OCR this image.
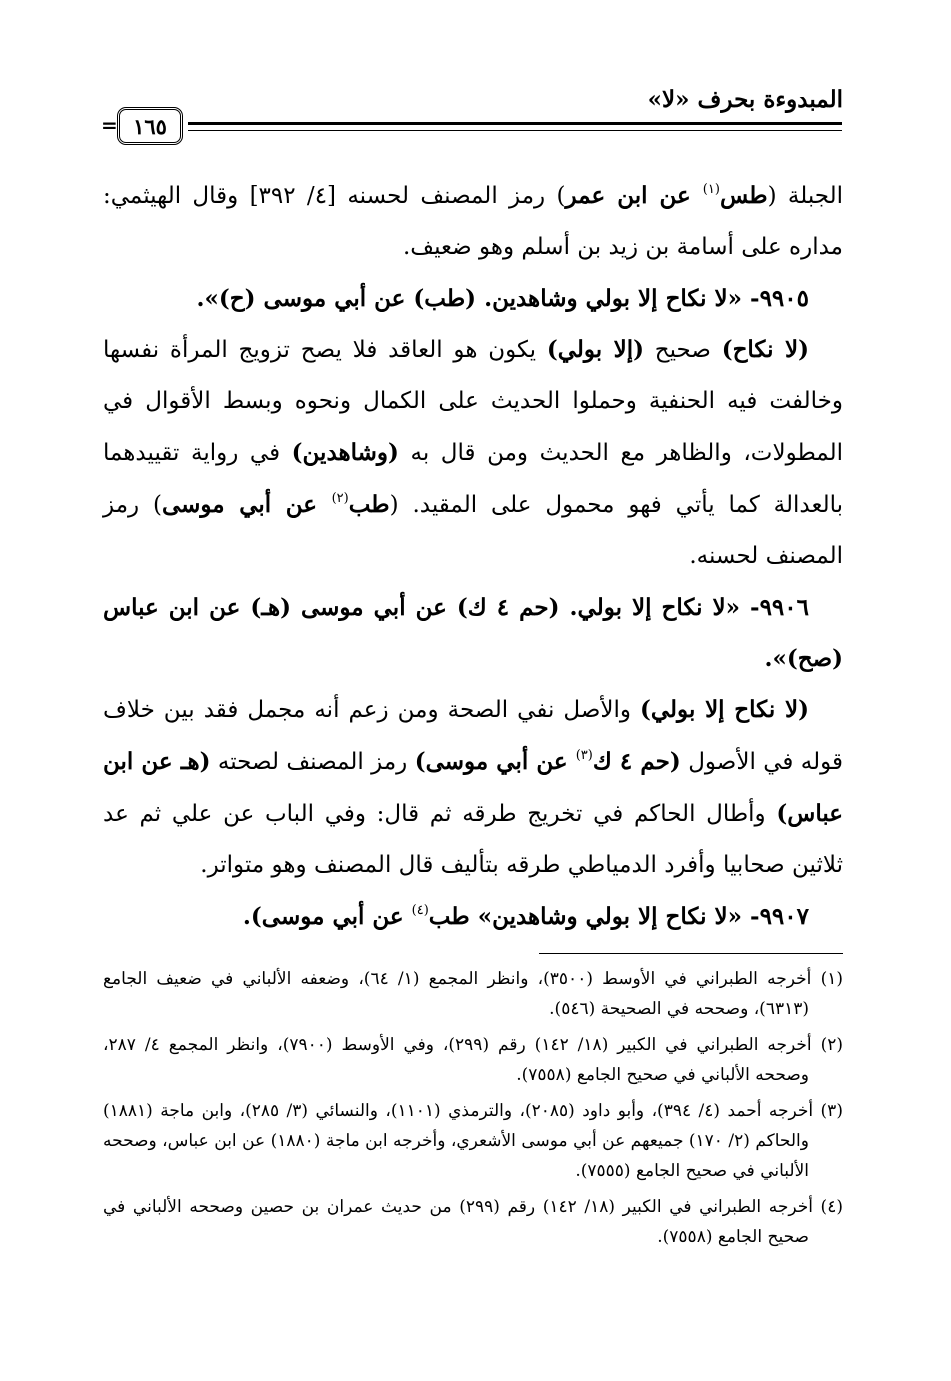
المبدوءة بحرف «لا»
١٦٥
=

الجبلة (طس$^{(١)}$ عن ابن عمر) رمز المصنف لحسنه [٤/ ٣٩٢] وقال الهيثمي: مداره على أسامة بن زيد بن أسلم وهو ضعيف.

٩٩٠٥- «لا نكاح إلا بولي وشاهدين. (طب) عن أبي موسى (ح)».

(لا نكاح) صحيح (إلا بولي) يكون هو العاقد فلا يصح تزويج المرأة نفسها وخالفت فيه الحنفية وحملوا الحديث على الكمال ونحوه وبسط الأقوال في المطولات، والظاهر مع الحديث ومن قال به (وشاهدين) في رواية تقييدهما بالعدالة كما يأتي فهو محمول على المقيد. (طب$^{(٢)}$ عن أبي موسى) رمز المصنف لحسنه.

٩٩٠٦- «لا نكاح إلا بولي. (حم ٤ ك) عن أبي موسى (هـ) عن ابن عباس (صح)».

(لا نكاح إلا بولي) والأصل نفي الصحة ومن زعم أنه مجمل فقد بين خلاف قوله في الأصول (حم ٤ ك$^{(٣)}$ عن أبي موسى) رمز المصنف لصحته (هـ عن ابن عباس) وأطال الحاكم في تخريج طرقه ثم قال: وفي الباب عن علي ثم عد ثلاثين صحابيا وأفرد الدمياطي طرقه بتأليف قال المصنف وهو متواتر.

٩٩٠٧- «لا نكاح إلا بولي وشاهدين» طب$^{(٤)}$ عن أبي موسى).

(١) أخرجه الطبراني في الأوسط (٣٥٠٠)، وانظر المجمع (١/ ٦٤)، وضعفه الألباني في ضعيف الجامع (٦٣١٣)، وصححه في الصحيحة (٥٤٦).

(٢) أخرجه الطبراني في الكبير (١٨/ ١٤٢) رقم (٢٩٩)، وفي الأوسط (٧٩٠٠)، وانظر المجمع ٤/ ٢٨٧، وصححه الألباني في صحيح الجامع (٧٥٥٨).

(٣) أخرجه أحمد (٤/ ٣٩٤)، وأبو داود (٢٠٨٥)، والترمذي (١١٠١)، والنسائي (٣/ ٢٨٥)، وابن ماجة (١٨٨١) والحاكم (٢/ ١٧٠) جميعهم عن أبي موسى الأشعري، وأخرجه ابن ماجة (١٨٨٠) عن ابن عباس، وصححه الألباني في صحيح الجامع (٧٥٥٥).

(٤) أخرجه الطبراني في الكبير (١٨/ ١٤٢) رقم (٢٩٩) من حديث عمران بن حصين وصححه الألباني في صحيح الجامع (٧٥٥٨).
